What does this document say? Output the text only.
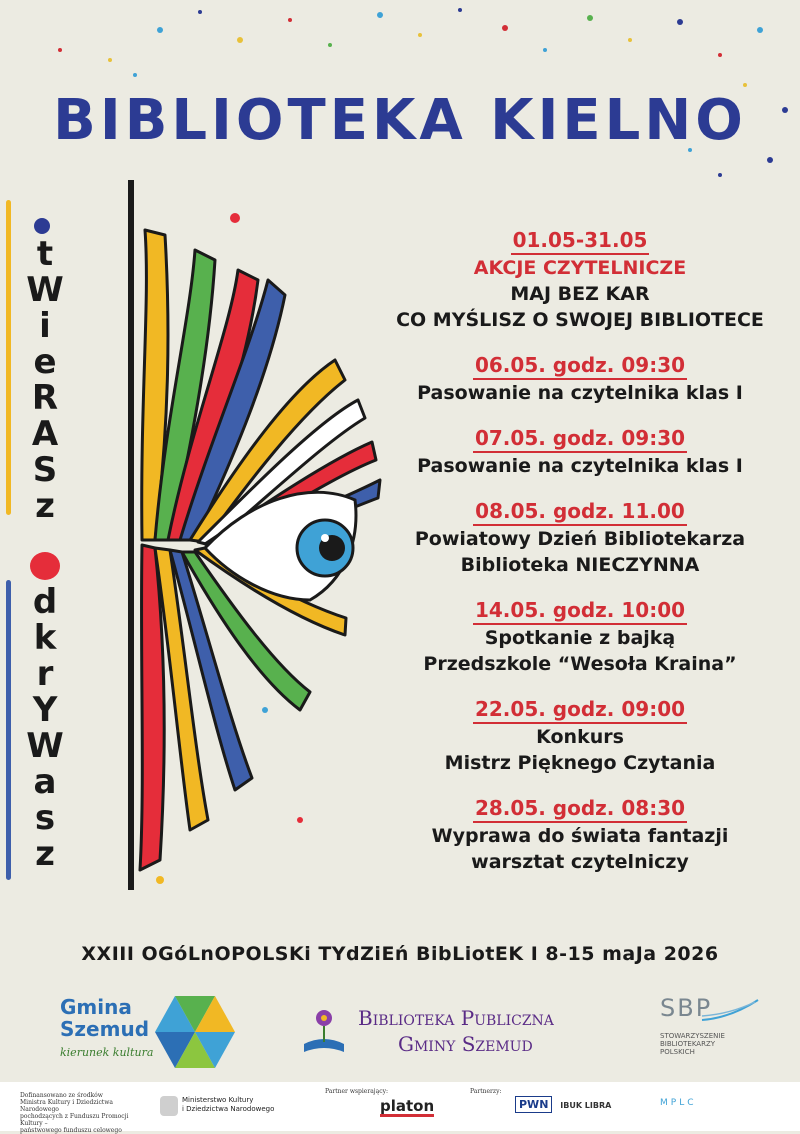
BIBLIOTEKA KIELNO
t
W
i
e
R
A
S
z
d
k
r
Y
W
a
s
z
01.05-31.05
AKCJE CZYTELNICZE
MAJ BEZ KAR
CO MYŚLISZ O SWOJEJ BIBLIOTECE
06.05. godz. 09:30
Pasowanie na czytelnika klas I
07.05. godz. 09:30
Pasowanie na czytelnika klas I
08.05. godz. 11.00
Powiatowy Dzień Bibliotekarza
Biblioteka NIECZYNNA
14.05. godz. 10:00
Spotkanie z bajką
Przedszkole “Wesoła Kraina”
22.05. godz. 09:00
Konkurs
Mistrz Pięknego Czytania
28.05. godz. 08:30
Wyprawa do świata fantazji
warsztat czytelniczy
XXIII OGóLnOPOLSKi TYdZiEń BibLiotEK I 8-15 maJa 2026
Gmina
Szemud
kierunek kultura
Biblioteka Publiczna
Gminy Szemud
SBP
STOWARZYSZENIE
BIBLIOTEKARZY
POLSKICH
Dofinansowano ze środków
Ministra Kultury i Dziedzictwa Narodowego
pochodzących z Funduszu Promocji Kultury –
państwowego funduszu celowego
Ministerstwo Kultury
i Dziedzictwa Narodowego
Partner wspierający:
platon
Partnerzy:
PWN IBUK LIBRA	MPLC
